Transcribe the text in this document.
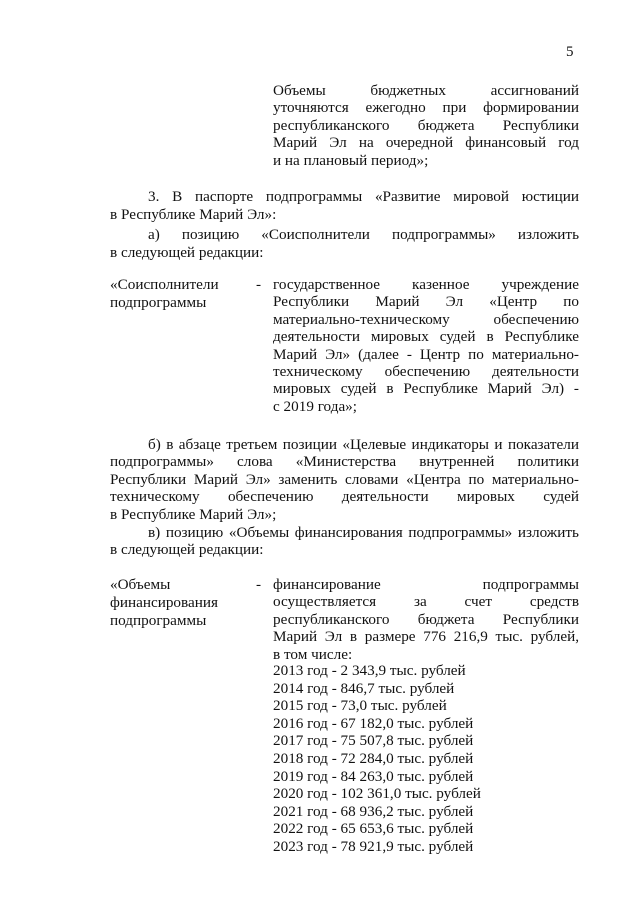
5
Объемы бюджетных ассигнований
уточняются ежегодно при формировании
республиканского бюджета Республики
Марий Эл на очередной финансовый год
и на плановый период»;
3. В паспорте подпрограммы «Развитие мировой юстиции
в Республике Марий Эл»:
а) позицию «Соисполнители подпрограммы» изложить
в следующей редакции:
«Соисполнители
подпрограммы
- государственное казенное учреждение
Республики Марий Эл «Центр по
материально-техническому обеспечению
деятельности мировых судей в Республике
Марий Эл» (далее - Центр по материально-
техническому обеспечению деятельности
мировых судей в Республике Марий Эл) -
с 2019 года»;
б) в абзаце третьем позиции «Целевые индикаторы и показатели
подпрограммы» слова «Министерства внутренней политики
Республики Марий Эл» заменить словами «Центра по материально-
техническому обеспечению деятельности мировых судей
в Республике Марий Эл»;
в) позицию «Объемы финансирования подпрограммы» изложить
в следующей редакции:
«Объемы
финансирования
подпрограммы
- финансирование подпрограммы
осуществляется за счет средств
республиканского бюджета Республики
Марий Эл в размере 776 216,9 тыс. рублей,
в том числе:
2013 год - 2 343,9 тыс. рублей
2014 год - 846,7 тыс. рублей
2015 год - 73,0 тыс. рублей
2016 год - 67 182,0 тыс. рублей
2017 год - 75 507,8 тыс. рублей
2018 год - 72 284,0 тыс. рублей
2019 год - 84 263,0 тыс. рублей
2020 год - 102 361,0 тыс. рублей
2021 год - 68 936,2 тыс. рублей
2022 год - 65 653,6 тыс. рублей
2023 год - 78 921,9 тыс. рублей
